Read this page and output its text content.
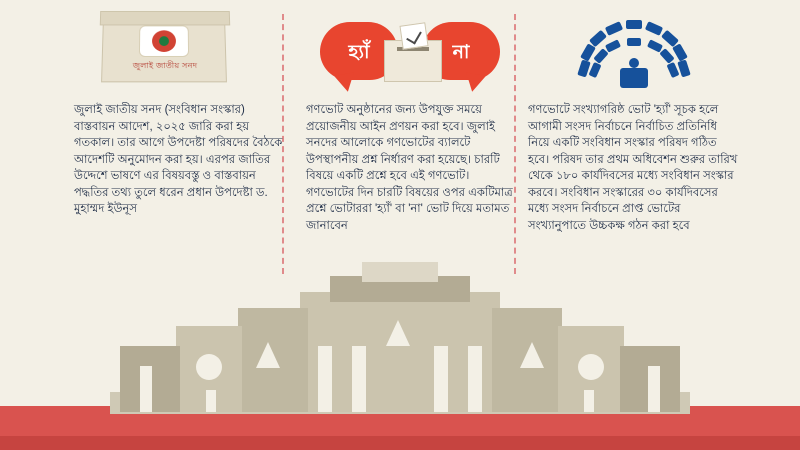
জুলাই জাতীয় সনদ

জুলাই জাতীয় সনদ (সংবিধান সংস্কার) বাস্তবায়ন আদেশ, ২০২৫ জারি করা হয় গতকাল। তার আগে উপদেষ্টা পরিষদের বৈঠকে আদেশটি অনুমোদন করা হয়। এরপর জাতির উদ্দেশে ভাষণে এর বিষয়বস্তু ও বাস্তবায়ন পদ্ধতির তথ্য তুলে ধরেন প্রধান উপদেষ্টা ড. মুহাম্মদ ইউনূস

হ্যাঁ	না

গণভোট অনুষ্ঠানের জন্য উপযুক্ত সময়ে প্রয়োজনীয় আইন প্রণয়ন করা হবে। জুলাই সনদের আলোকে গণভোটের ব্যালটে উপস্থাপনীয় প্রশ্ন নির্ধারণ করা হয়েছে। চারটি বিষয়ে একটি প্রশ্নে হবে এই গণভোট। গণভোটের দিন চারটি বিষয়ের ওপর একটিমাত্র প্রশ্নে ভোটাররা 'হ্যাঁ' বা 'না' ভোট দিয়ে মতামত জানাবেন

গণভোটে সংখ্যাগরিষ্ঠ ভোট 'হ্যাঁ' সূচক হলে আগামী সংসদ নির্বাচনে নির্বাচিত প্রতিনিধি নিয়ে একটি সংবিধান সংস্কার পরিষদ গঠিত হবে। পরিষদ তার প্রথম অধিবেশন শুরুর তারিখ থেকে ১৮০ কার্যদিবসের মধ্যে সংবিধান সংস্কার করবে। সংবিধান সংস্কারের ৩০ কার্যদিবসের মধ্যে সংসদ নির্বাচনে প্রাপ্ত ভোটের সংখ্যানুপাতে উচ্চকক্ষ গঠন করা হবে
